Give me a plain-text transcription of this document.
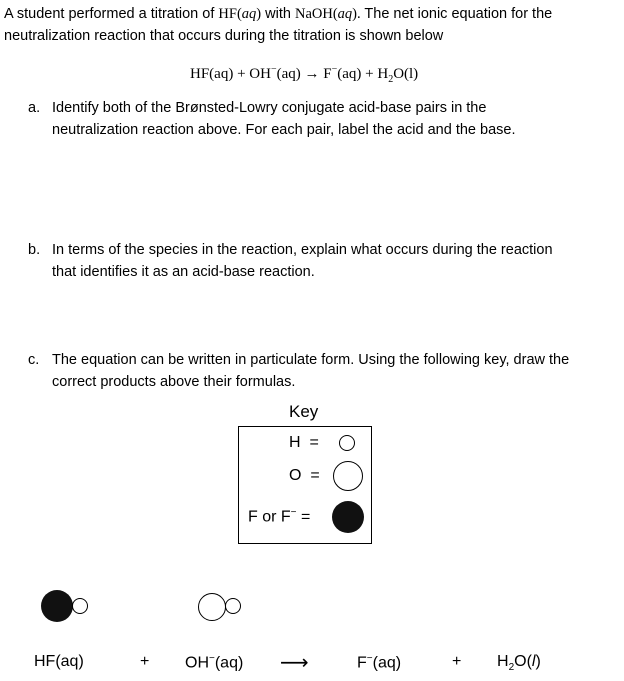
A student performed a titration of HF(aq) with NaOH(aq). The net ionic equation for the
neutralization reaction that occurs during the titration is shown below
$HF(aq) + OH^-(aq) \to F^-(aq) + H_2O(l)$
a. Identify both of the Brønsted-Lowry conjugate acid-base pairs in the
neutralization reaction above. For each pair, label the acid and the base.
b. In terms of the species in the reaction, explain what occurs during the reaction
that identifies it as an acid-base reaction.
c. The equation can be written in particulate form. Using the following key, draw the
correct products above their formulas.
Key
H  =
O  =
F or F− =
HF(aq)	+ OH−(aq) ⟶	F−(aq)	+ $H_2O(l)$
